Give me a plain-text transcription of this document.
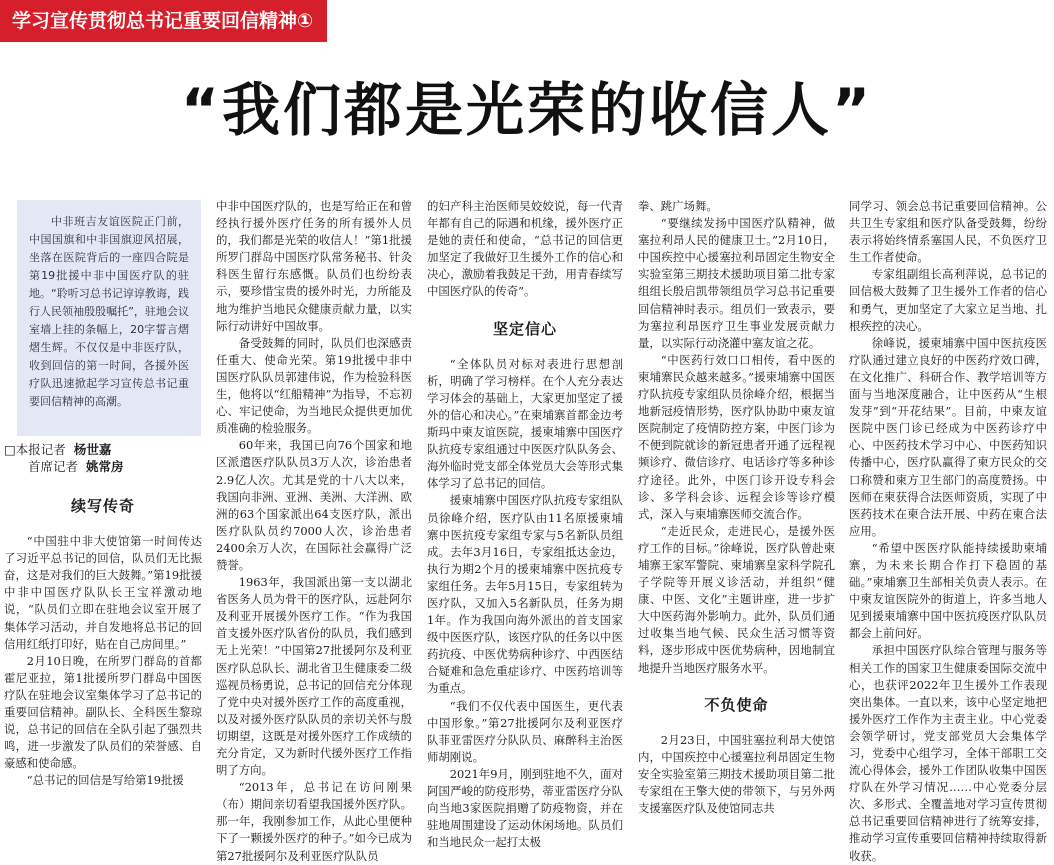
学习宣传贯彻总书记重要回信精神①
“我们都是光荣的收信人”

中非班吉友谊医院正门前，中国国旗和中非国旗迎风招展，坐落在医院背后的一座四合院是第19批援中非中国医疗队的驻地。“聆听习总书记谆谆教诲，践行人民领袖殷殷嘱托”，驻地会议室墙上挂的条幅上，20字誓言熠熠生辉。不仅仅是中非医疗队，收到回信的第一时间，各援外医疗队迅速掀起学习宣传总书记重要回信精神的高潮。

□本报记者 杨世嘉
首席记者 姚常房
续写传奇

“中国驻中非大使馆第一时间传达了习近平总书记的回信，队员们无比振奋，这是对我们的巨大鼓舞。”第19批援中非中国医疗队队长王宝祥激动地说，“队员们立即在驻地会议室开展了集体学习活动，并自发地将总书记的回信用红纸打印好，贴在自己房间里。”

2月10日晚，在所罗门群岛的首都霍尼亚拉，第1批援所罗门群岛中国医疗队在驻地会议室集体学习了总书记的重要回信精神。副队长、全科医生黎琼说，总书记的回信在全队引起了强烈共鸣，进一步激发了队员们的荣誉感、自豪感和使命感。

“总书记的回信是写给第19批援

中非中国医疗队的，也是写给正在和曾经执行援外医疗任务的所有援外人员的，我们都是光荣的收信人！”第1批援所罗门群岛中国医疗队常务秘书、针灸科医生留行东感慨。队员们也纷纷表示，要珍惜宝贵的援外时光，力所能及地为维护当地民众健康贡献力量，以实际行动讲好中国故事。

备受鼓舞的同时，队员们也深感责任重大、使命光荣。第19批援中非中国医疗队队员郭建伟说，作为检验科医生，他将以“红船精神”为指导，不忘初心、牢记使命，为当地民众提供更加优质准确的检验服务。

60年来，我国已向76个国家和地区派遣医疗队队员3万人次，诊治患者2.9亿人次。尤其是党的十八大以来，我国向非洲、亚洲、美洲、大洋洲、欧洲的63个国家派出64支医疗队，派出医疗队队员约7000人次，诊治患者2400余万人次，在国际社会赢得广泛赞誉。

1963年，我国派出第一支以湖北省医务人员为骨干的医疗队，远赴阿尔及利亚开展援外医疗工作。“作为我国首支援外医疗队省份的队员，我们感到无上光荣！”中国第27批援阿尔及利亚医疗队总队长、湖北省卫生健康委二级巡视员杨勇说，总书记的回信充分体现了党中央对援外医疗工作的高度重视，以及对援外医疗队队员的亲切关怀与殷切期望，这既是对援外医疗工作成绩的充分肯定，又为新时代援外医疗工作指明了方向。

“2013年，总书记在访问刚果（布）期间亲切看望我国援外医疗队。那一年，我刚参加工作，从此心里便种下了一颗援外医疗的种子。”如今已成为第27批援阿尔及利亚医疗队队员

的妇产科主治医师吴姣姣说，每一代青年都有自己的际遇和机缘，援外医疗正是她的责任和使命，“总书记的回信更加坚定了我做好卫生援外工作的信心和决心，激励着我鼓足干劲，用青春续写中国医疗队的传奇”。

坚定信心

“全体队员对标对表进行思想剖析，明确了学习榜样。在个人充分表达学习体会的基础上，大家更加坚定了援外的信心和决心。”在柬埔寨首都金边考斯玛中柬友谊医院，援柬埔寨中国医疗队抗疫专家组通过中医医疗队队务会、海外临时党支部全体党员大会等形式集体学习了总书记的回信。

援柬埔寨中国医疗队抗疫专家组队员徐峰介绍，医疗队由11名原援柬埔寨中医抗疫专家组专家与5名新队员组成。去年3月16日，专家组抵达金边，执行为期2个月的援柬埔寨中医抗疫专家组任务。去年5月15日，专家组转为医疗队，又加入5名新队员，任务为期1年。作为我国向海外派出的首支国家级中医医疗队，该医疗队的任务以中医药抗疫、中医优势病种诊疗、中西医结合疑难和急危重症诊疗、中医药培训等为重点。

“我们不仅代表中国医生，更代表中国形象。”第27批援阿尔及利亚医疗队菲亚雷医疗分队队员、麻醉科主治医师胡刚说。

2021年9月，刚到驻地不久，面对阿国严峻的防疫形势，蒂亚雷医疗分队向当地3家医院捐赠了防疫物资，并在驻地周围建设了运动休闲场地。队员们和当地民众一起打太极

拳、跳广场舞。

“要继续发扬中国医疗队精神，做塞拉利昂人民的健康卫士。”2月10日，中国疾控中心援塞拉利昂固定生物安全实验室第三期技术援助项目第二批专家组组长殷启凯带领组员学习总书记重要回信精神时表示。组员们一致表示，要为塞拉利昂医疗卫生事业发展贡献力量，以实际行动浇灌中塞友谊之花。

“中医药行效口口相传，看中医的柬埔寨民众越来越多。”援柬埔寨中国医疗队抗疫专家组队员徐峰介绍，根据当地新冠疫情形势，医疗队协助中柬友谊医院制定了疫情防控方案，中医门诊为不便到院就诊的新冠患者开通了远程视频诊疗、微信诊疗、电话诊疗等多种诊疗途径。此外，中医门诊开设专科会诊、多学科会诊、远程会诊等诊疗模式，深入与柬埔寨医师交流合作。

“走近民众，走进民心，是援外医疗工作的目标。”徐峰说，医疗队曾赴柬埔寨王家军警院、柬埔寨皇家科学院孔子学院等开展义诊活动，并组织“健康、中医、文化”主题讲座，进一步扩大中医药海外影响力。此外，队员们通过收集当地气候、民众生活习惯等资料，逐步形成中医优势病种，因地制宜地提升当地医疗服务水平。

不负使命

2月23日，中国驻塞拉利昂大使馆内，中国疾控中心援塞拉利昂固定生物安全实验室第三期技术援助项目第二批专家组在王擎大使的带领下，与另外两支援塞医疗队及使馆同志共

同学习、领会总书记重要回信精神。公共卫生专家组和医疗队备受鼓舞，纷纷表示将始终情系塞国人民，不负医疗卫生工作者使命。

专家组副组长高利萍说，总书记的回信极大鼓舞了卫生援外工作者的信心和勇气，更加坚定了大家立足当地、扎根疾控的决心。

徐峰说，援柬埔寨中国中医抗疫医疗队通过建立良好的中医药疗效口碑，在文化推广、科研合作、教学培训等方面与当地深度融合，让中医药从“生根发芽”到“开花结果”。目前，中柬友谊医院中医门诊已经成为中医药诊疗中心、中医药技术学习中心、中医药知识传播中心，医疗队赢得了柬方民众的交口称赞和柬方卫生部门的高度赞扬。中医师在柬获得合法医师资质，实现了中医药技术在柬合法开展、中药在柬合法应用。

“希望中医医疗队能持续援助柬埔寨，为未来长期合作打下稳固的基础。”柬埔寨卫生部相关负责人表示。在中柬友谊医院外的街道上，许多当地人见到援柬埔寨中国中医抗疫医疗队队员都会上前问好。

承担中国医疗队综合管理与服务等相关工作的国家卫生健康委国际交流中心，也获评2022年卫生援外工作表现突出集体。一直以来，该中心坚定地把援外医疗工作作为主责主业。中心党委会领学研讨，党支部党员大会集体学习，党委中心组学习，全体干部职工交流心得体会，援外工作团队收集中国医疗队在外学习情况……中心党委分层次、多形式、全覆盖地对学习宣传贯彻总书记重要回信精神进行了统筹安排，推动学习宣传重要回信精神持续取得新收获。
